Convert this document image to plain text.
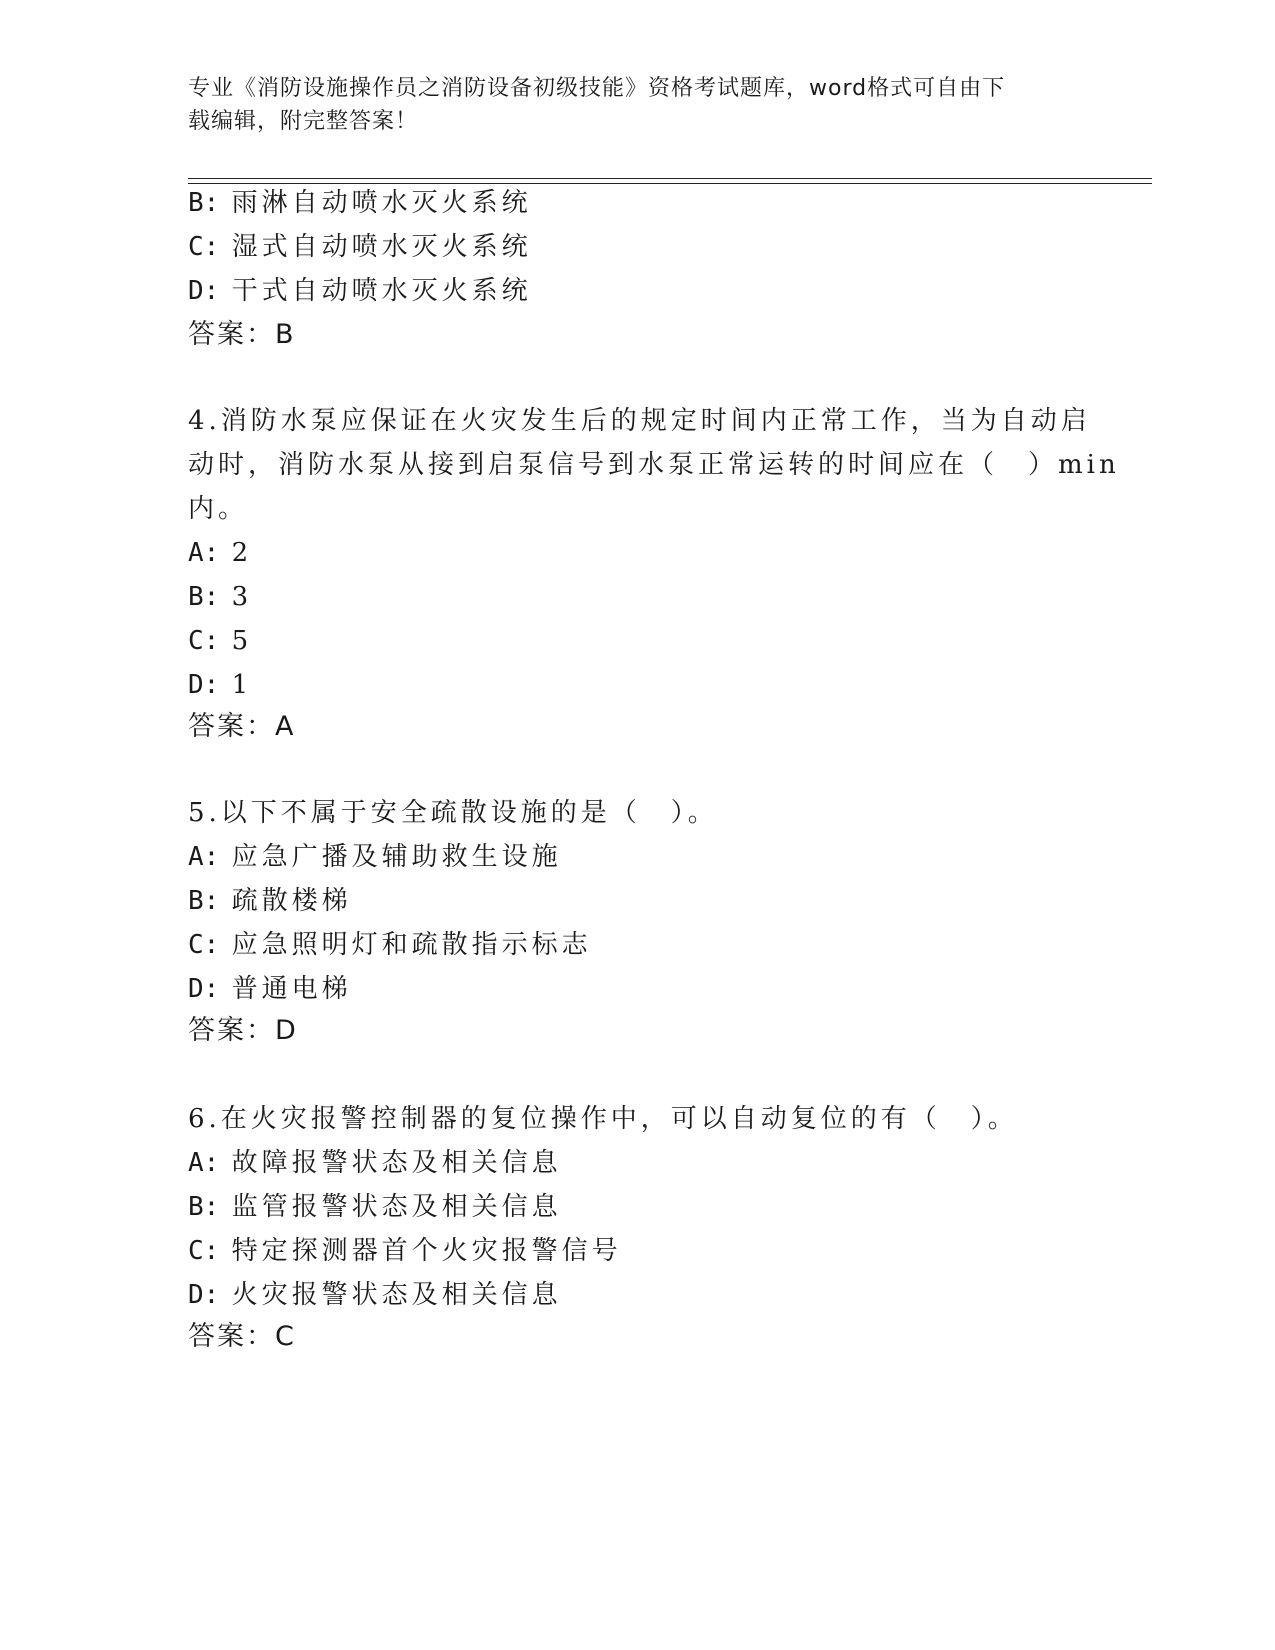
专业《消防设施操作员之消防设备初级技能》资格考试题库，word格式可自由下
载编辑，附完整答案！
B: 雨淋自动喷水灭火系统
C: 湿式自动喷水灭火系统
D: 干式自动喷水灭火系统
答案：B
4.消防水泵应保证在火灾发生后的规定时间内正常工作，当为自动启
动时，消防水泵从接到启泵信号到水泵正常运转的时间应在（　）min
内。
A: 2
B: 3
C: 5
D: 1
答案：A
5.以下不属于安全疏散设施的是（　）。
A: 应急广播及辅助救生设施
B: 疏散楼梯
C: 应急照明灯和疏散指示标志
D: 普通电梯
答案：D
6.在火灾报警控制器的复位操作中，可以自动复位的有（　）。
A: 故障报警状态及相关信息
B: 监管报警状态及相关信息
C: 特定探测器首个火灾报警信号
D: 火灾报警状态及相关信息
答案：C
